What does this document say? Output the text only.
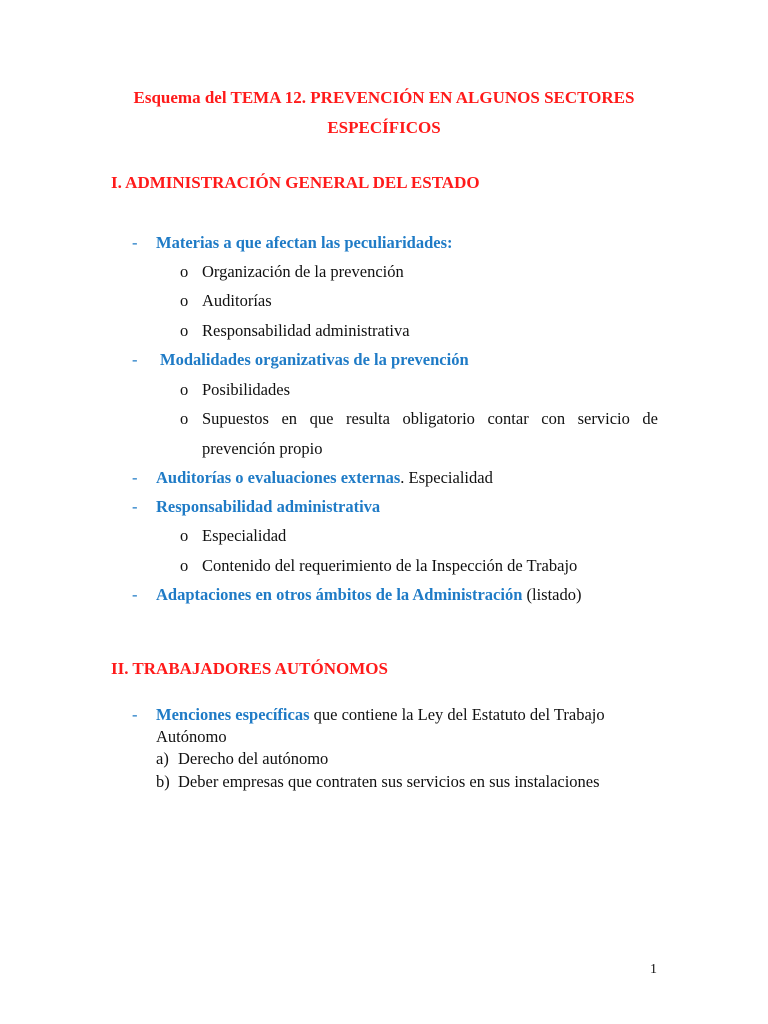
Esquema del TEMA 12. PREVENCIÓN EN ALGUNOS SECTORES
ESPECÍFICOS
I. ADMINISTRACIÓN GENERAL DEL ESTADO
- Materias a que afectan las peculiaridades:
o Organización de la prevención
o Auditorías
o Responsabilidad administrativa
- Modalidades organizativas de la prevención
o Posibilidades
o Supuestos en que resulta obligatorio contar con servicio de
prevención propio
- Auditorías o evaluaciones externas. Especialidad
- Responsabilidad administrativa
o Especialidad
o Contenido del requerimiento de la Inspección de Trabajo
- Adaptaciones en otros ámbitos de la Administración (listado)
II. TRABAJADORES AUTÓNOMOS
- Menciones específicas que contiene la Ley del Estatuto del Trabajo
Autónomo
a) Derecho del autónomo
b) Deber empresas que contraten sus servicios en sus instalaciones
1
